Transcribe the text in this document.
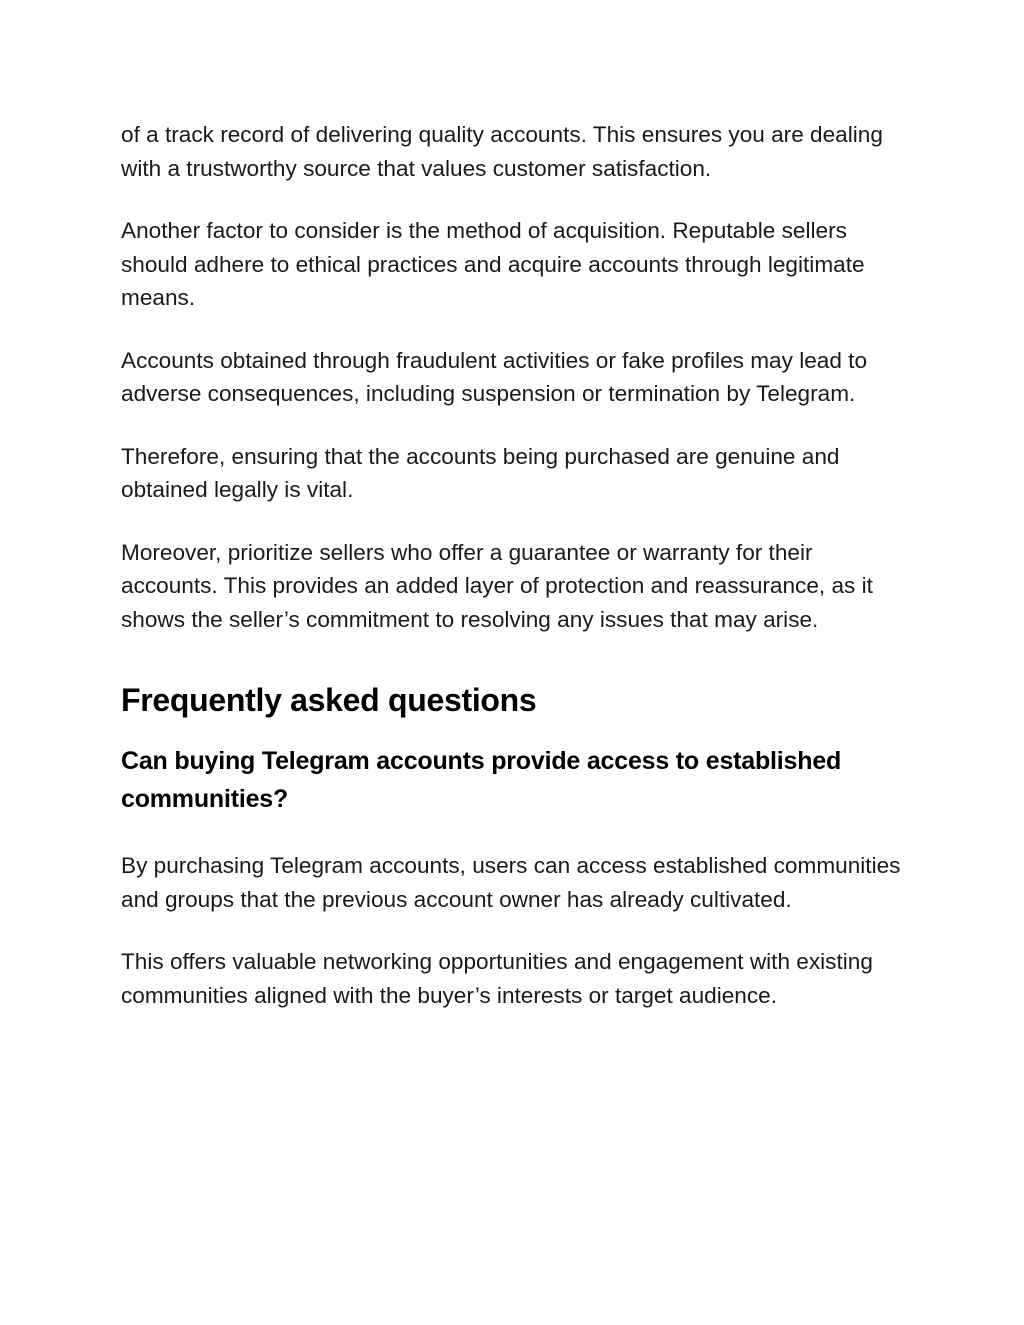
of a track record of delivering quality accounts. This ensures you are dealing with a trustworthy source that values customer satisfaction.

Another factor to consider is the method of acquisition. Reputable sellers should adhere to ethical practices and acquire accounts through legitimate means.

Accounts obtained through fraudulent activities or fake profiles may lead to adverse consequences, including suspension or termination by Telegram.

Therefore, ensuring that the accounts being purchased are genuine and obtained legally is vital.

Moreover, prioritize sellers who offer a guarantee or warranty for their accounts. This provides an added layer of protection and reassurance, as it shows the seller’s commitment to resolving any issues that may arise.

Frequently asked questions
Can buying Telegram accounts provide access to established communities?

By purchasing Telegram accounts, users can access established communities and groups that the previous account owner has already cultivated.

This offers valuable networking opportunities and engagement with existing communities aligned with the buyer’s interests or target audience.
